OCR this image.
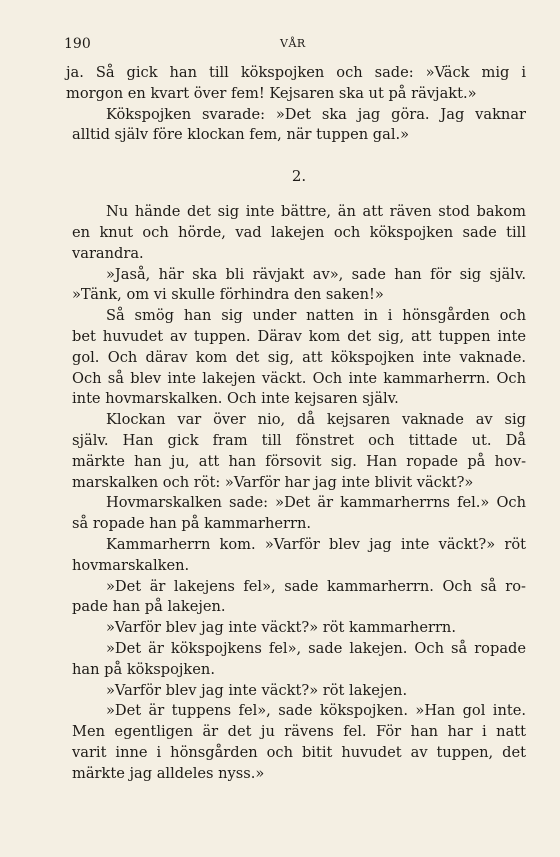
190	VÅR
ja. Så gick han till kökspojken och sade: »Väck mig i
morgon en kvart över fem! Kejsaren ska ut på rävjakt.»
Kökspojken svarade: »Det ska jag göra. Jag vaknar
alltid själv före klockan fem, när tuppen gal.»
2.
Nu hände det sig inte bättre, än att räven stod bakom
en knut och hörde, vad lakejen och kökspojken sade till
varandra.
»Jaså, här ska bli rävjakt av», sade han för sig själv.
»Tänk, om vi skulle förhindra den saken!»
Så smög han sig under natten in i hönsgården och
bet huvudet av tuppen. Därav kom det sig, att tuppen inte
gol. Och därav kom det sig, att kökspojken inte vaknade.
Och så blev inte lakejen väckt. Och inte kammarherrn. Och
inte hovmarskalken. Och inte kejsaren själv.
Klockan var över nio, då kejsaren vaknade av sig
själv. Han gick fram till fönstret och tittade ut. Då
märkte han ju, att han försovit sig. Han ropade på hov-
marskalken och röt: »Varför har jag inte blivit väckt?»
Hovmarskalken sade: »Det är kammarherrns fel.» Och
så ropade han på kammarherrn.
Kammarherrn kom. »Varför blev jag inte väckt?» röt
hovmarskalken.
»Det är lakejens fel», sade kammarherrn. Och så ro-
pade han på lakejen.
»Varför blev jag inte väckt?» röt kammarherrn.
»Det är kökspojkens fel», sade lakejen. Och så ropade
han på kökspojken.
»Varför blev jag inte väckt?» röt lakejen.
»Det är tuppens fel», sade kökspojken. »Han gol inte.
Men egentligen är det ju rävens fel. För han har i natt
varit inne i hönsgården och bitit huvudet av tuppen, det
märkte jag alldeles nyss.»
